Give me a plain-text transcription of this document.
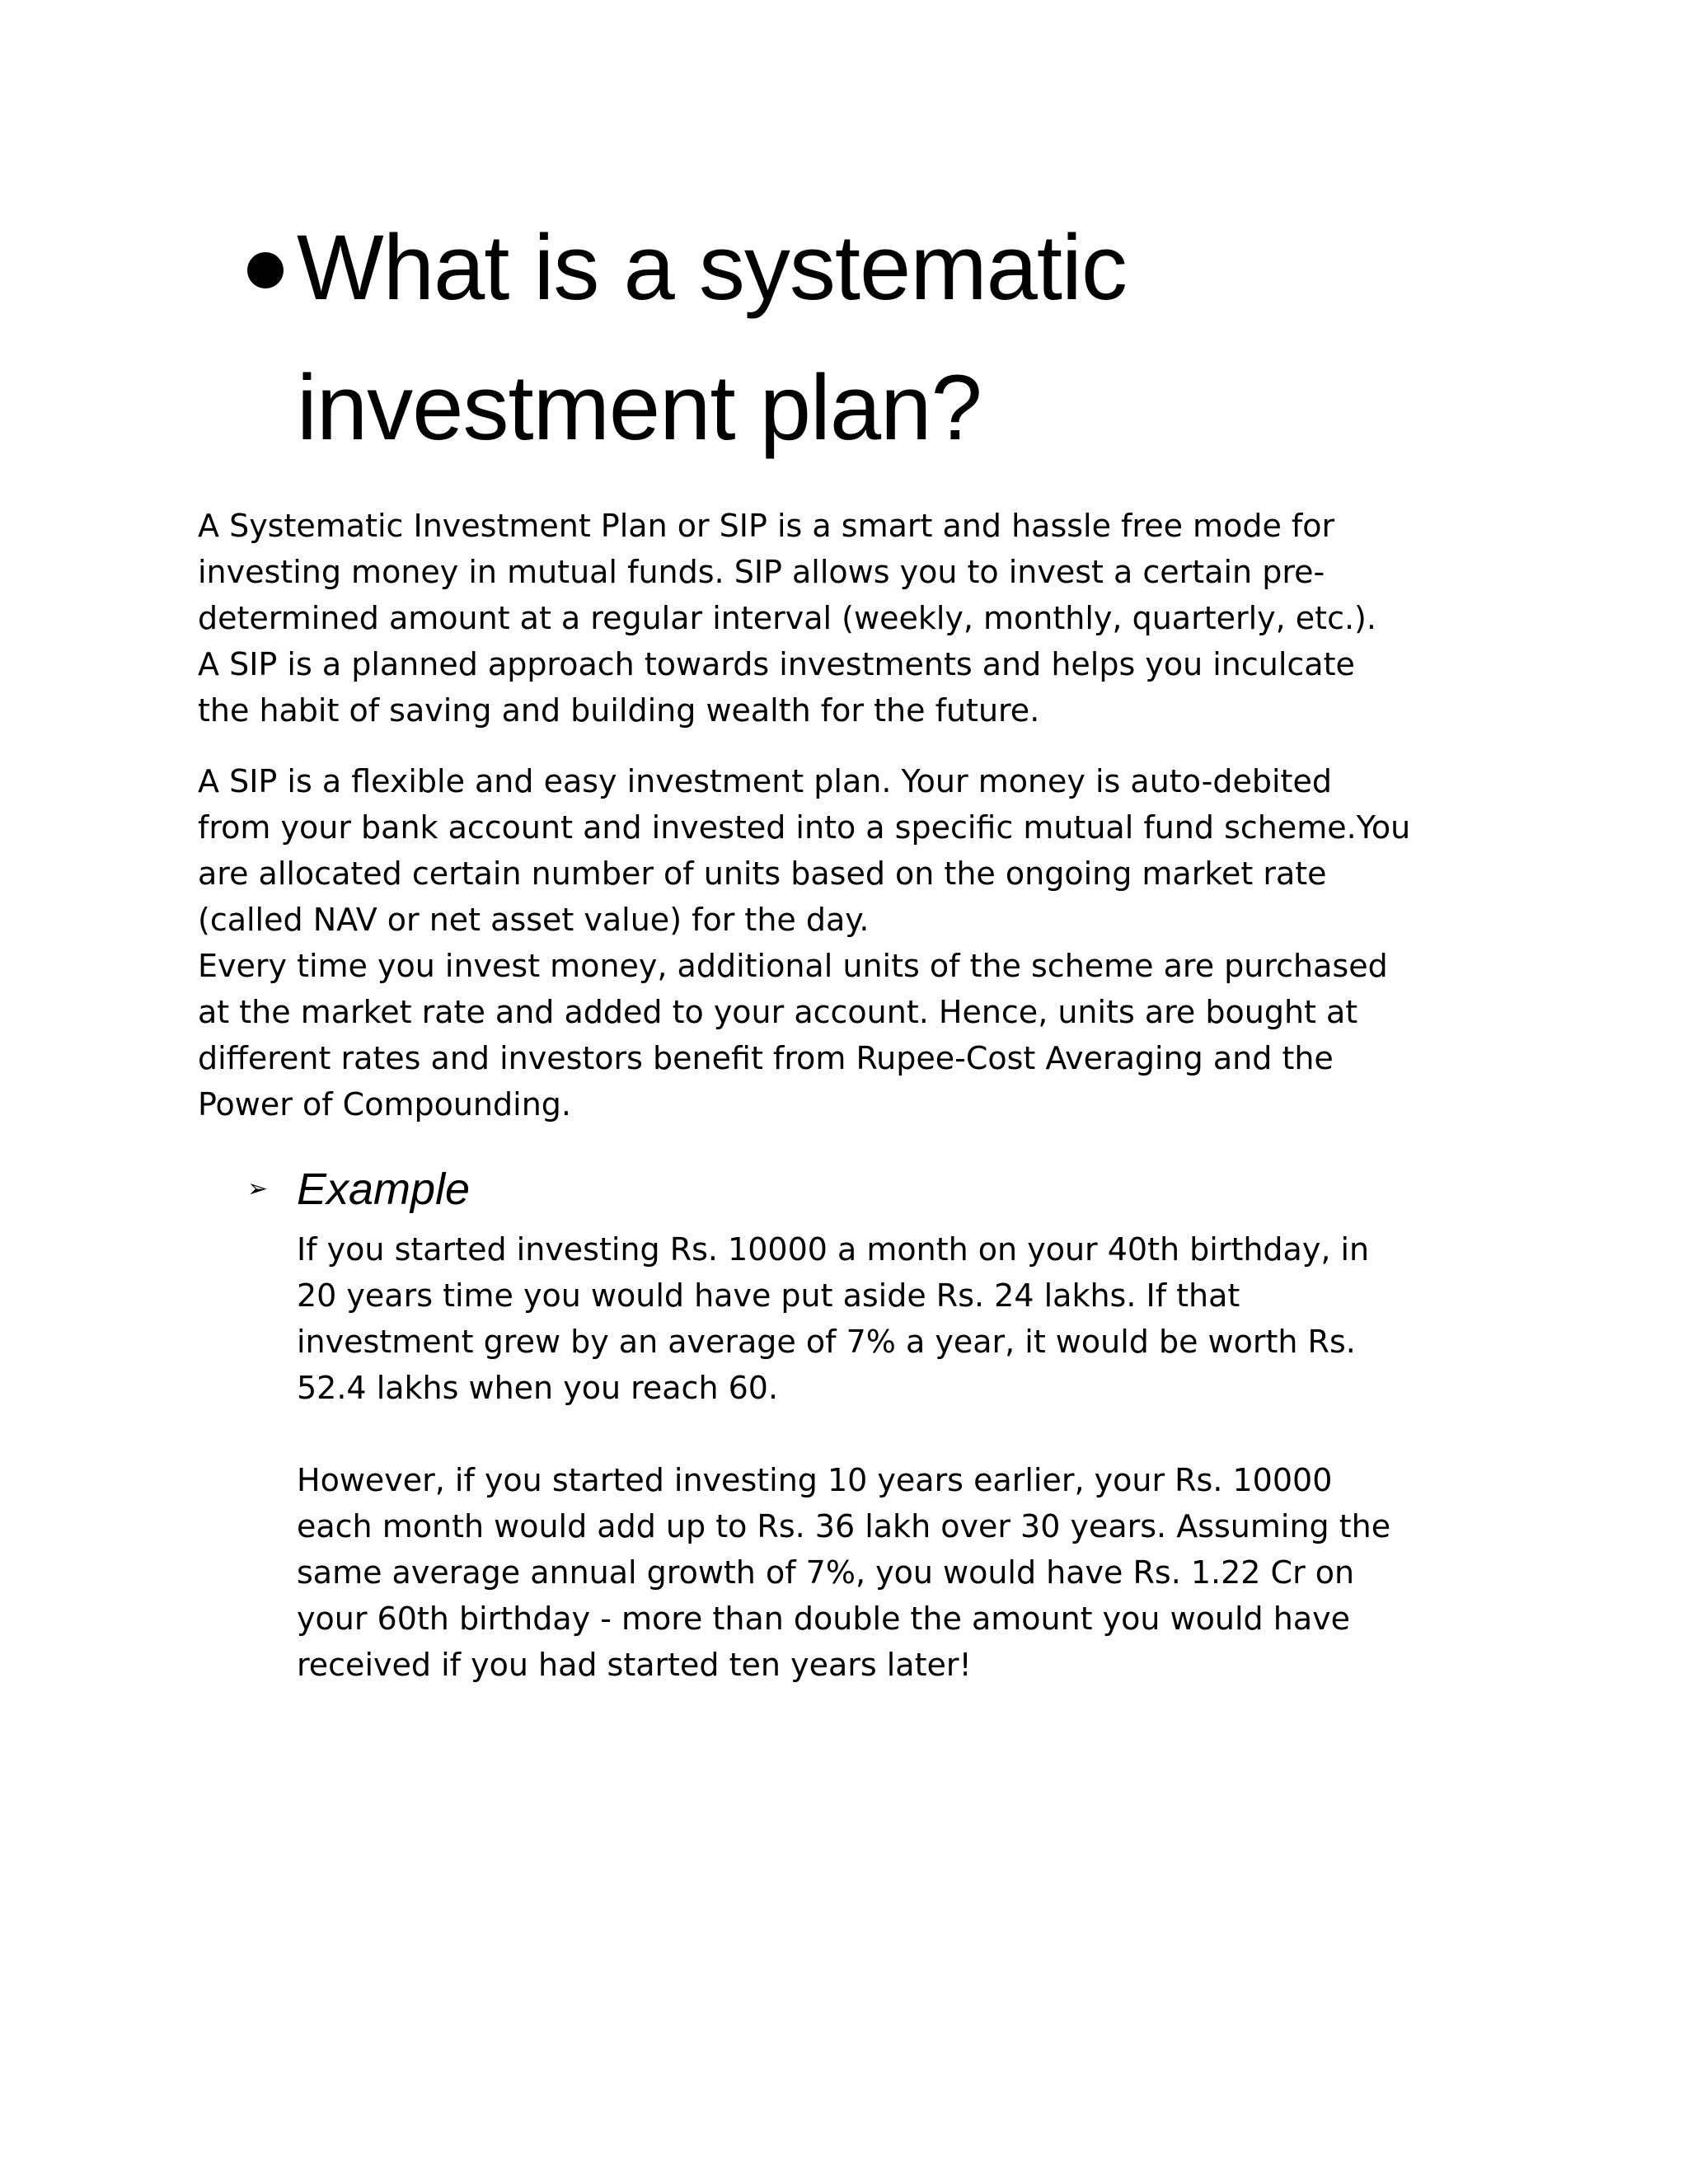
What is a systematic
investment plan?
A Systematic Investment Plan or SIP is a smart and hassle free mode for
investing money in mutual funds. SIP allows you to invest a certain pre-
determined amount at a regular interval (weekly, monthly, quarterly, etc.).
A SIP is a planned approach towards investments and helps you inculcate
the habit of saving and building wealth for the future.
A SIP is a flexible and easy investment plan. Your money is auto-debited
from your bank account and invested into a specific mutual fund scheme.You
are allocated certain number of units based on the ongoing market rate
(called NAV or net asset value) for the day.
Every time you invest money, additional units of the scheme are purchased
at the market rate and added to your account. Hence, units are bought at
different rates and investors benefit from Rupee-Cost Averaging and the
Power of Compounding.
➢ Example
If you started investing Rs. 10000 a month on your 40th birthday, in
20 years time you would have put aside Rs. 24 lakhs. If that
investment grew by an average of 7% a year, it would be worth Rs.
52.4 lakhs when you reach 60.
However, if you started investing 10 years earlier, your Rs. 10000
each month would add up to Rs. 36 lakh over 30 years. Assuming the
same average annual growth of 7%, you would have Rs. 1.22 Cr on
your 60th birthday - more than double the amount you would have
received if you had started ten years later!
